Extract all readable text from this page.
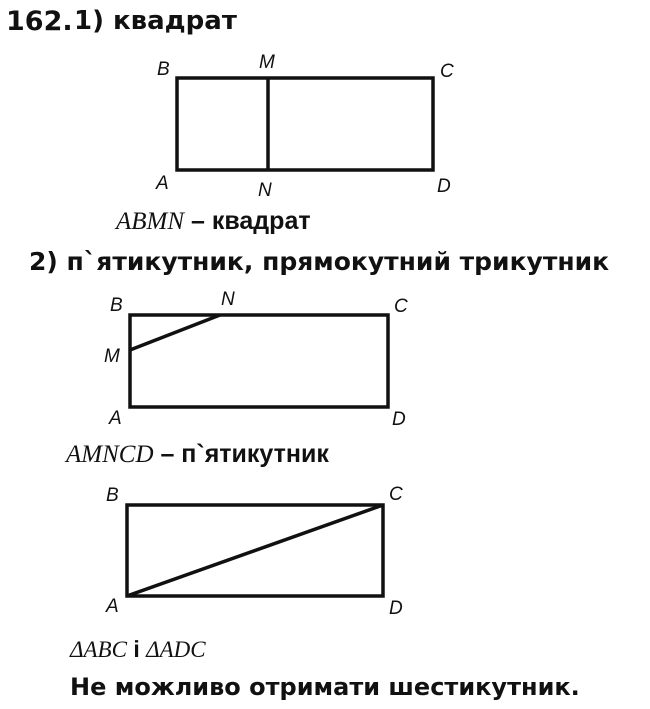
162. 1) квадрат
B	M	C
A	N	D
ABMN – квадрат
2) п`ятикутник, прямокутний трикутник
B	N	C
M
A	D
AMNCD – п`ятикутник
B	C
A	D
ΔABC і ΔADC
Не можливо отримати шестикутник.
